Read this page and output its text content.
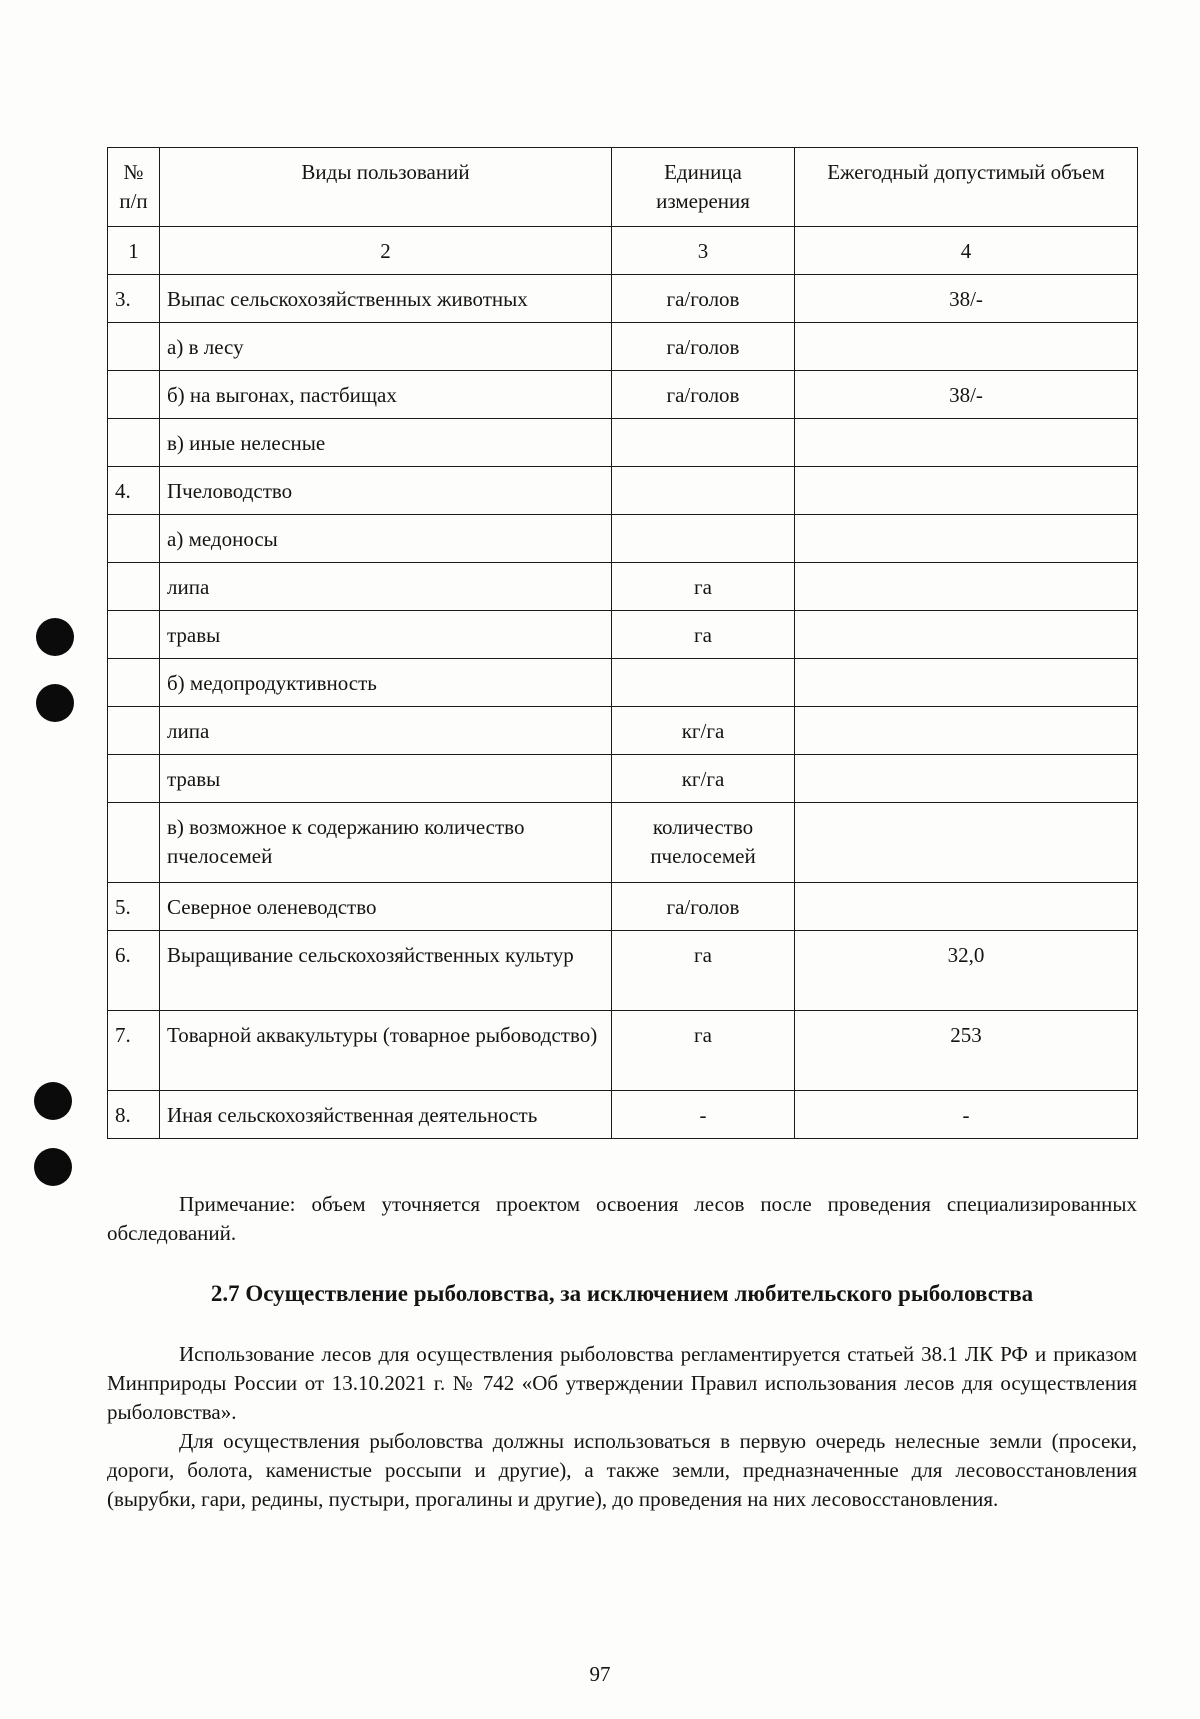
№ п/п	Виды пользований	Единица измерения	Ежегодный допустимый объем
1	2	3	4
3.	Выпас сельскохозяйственных животных	га/голов	38/-
	а) в лесу	га/голов	
	б) на выгонах, пастбищах	га/голов	38/-
	в) иные нелесные		
4.	Пчеловодство		
	а) медоносы		
	липа	га	
	травы	га	
	б) медопродуктивность		
	липа	кг/га	
	травы	кг/га	
	в) возможное к содержанию количество пчелосемей	количество пчелосемей	
5.	Северное оленеводство	га/голов	
6.	Выращивание сельскохозяйственных культур	га	32,0
7.	Товарной аквакультуры (товарное рыбоводство)	га	253
8.	Иная сельскохозяйственная деятельность	-	-
Примечание: объем уточняется проектом освоения лесов после проведения специализированных обследований.
2.7 Осуществление рыболовства, за исключением любительского рыболовства
Использование лесов для осуществления рыболовства регламентируется статьей 38.1 ЛК РФ и приказом Минприроды России от 13.10.2021 г. № 742 «Об утверждении Правил использования лесов для осуществления рыболовства».
Для осуществления рыболовства должны использоваться в первую очередь нелесные земли (просеки, дороги, болота, каменистые россыпи и другие), а также земли, предназначенные для лесовосстановления (вырубки, гари, редины, пустыри, прогалины и другие), до проведения на них лесовосстановления.
97
